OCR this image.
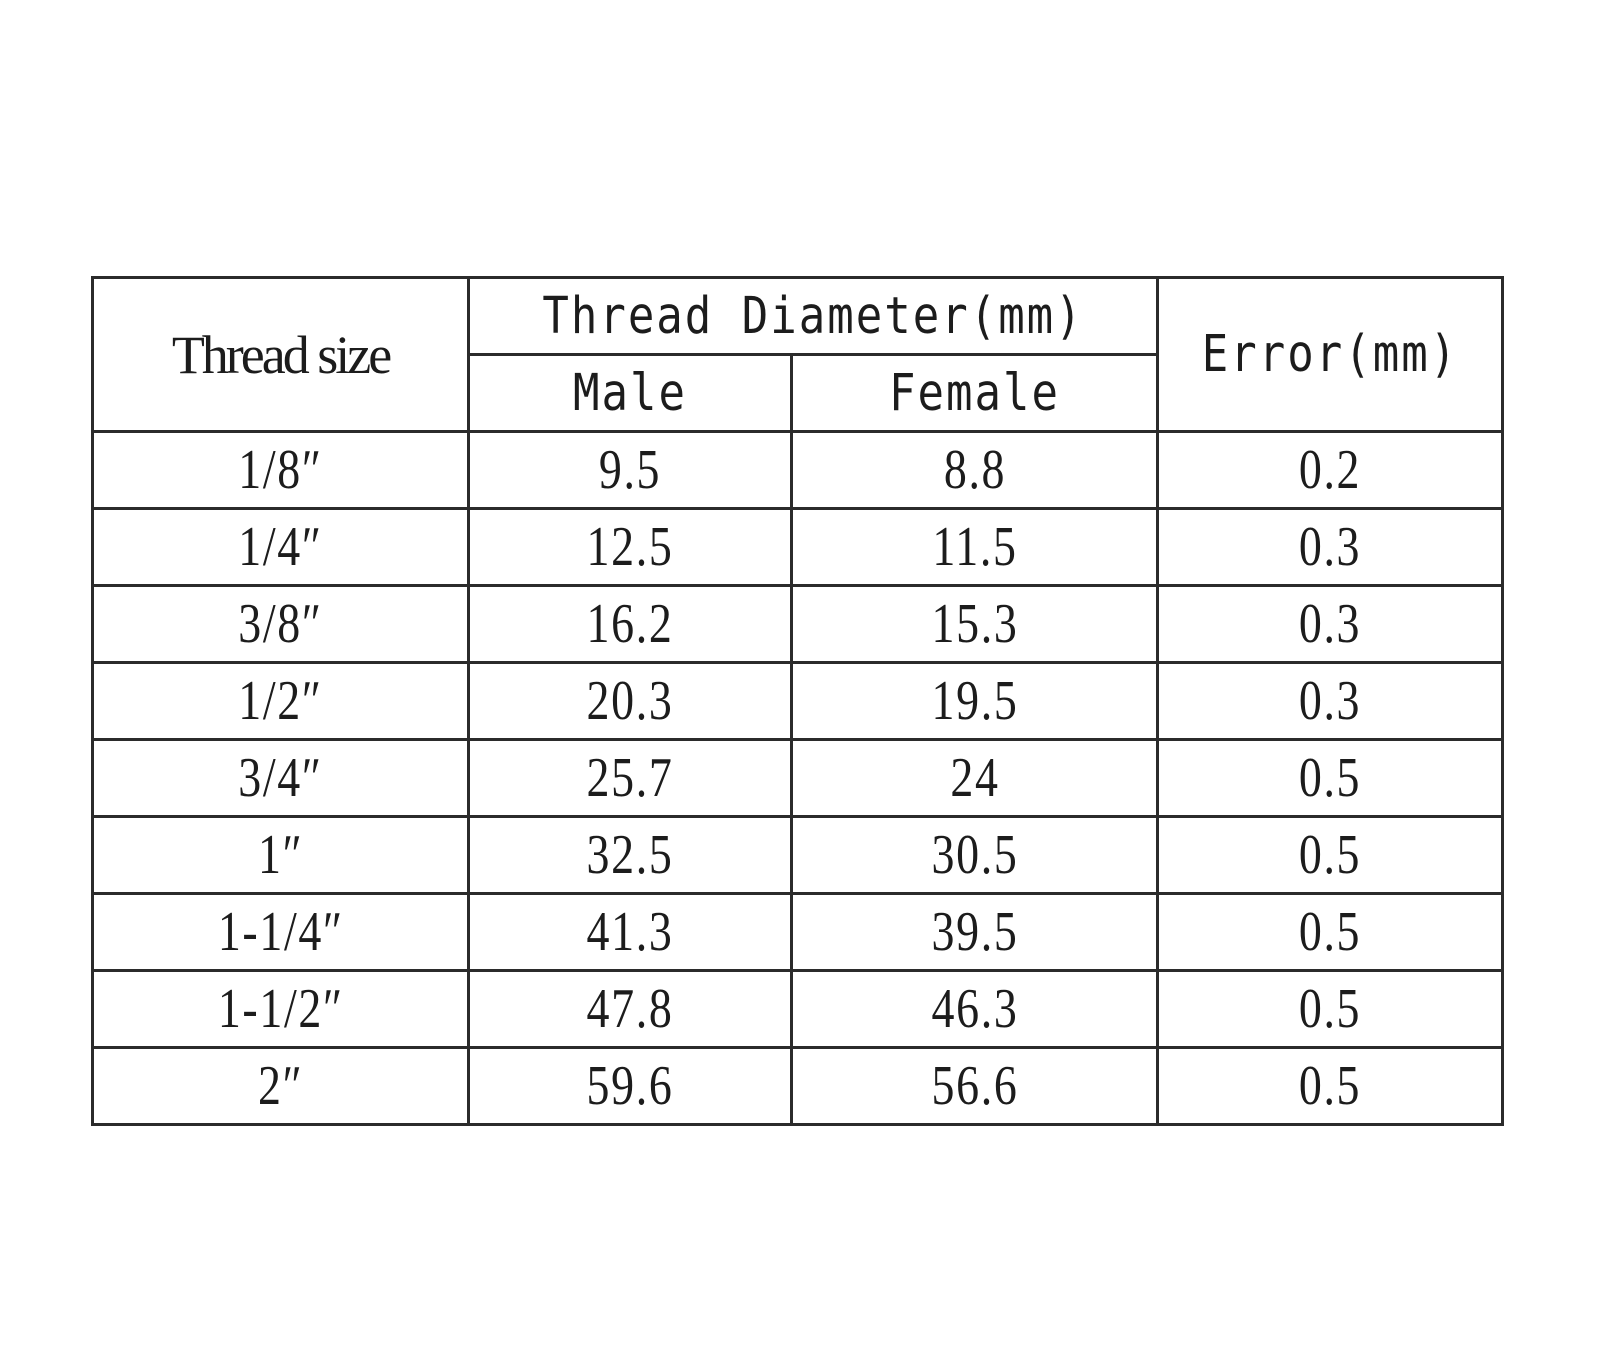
Thread size	Thread Diameter(mm)		Error(mm)
	Male	Female	
1/8″	9.5	8.8	0.2
1/4″	12.5	11.5	0.3
3/8″	16.2	15.3	0.3
1/2″	20.3	19.5	0.3
3/4″	25.7	24	0.5
1″	32.5	30.5	0.5
1-1/4″	41.3	39.5	0.5
1-1/2″	47.8	46.3	0.5
2″	59.6	56.6	0.5
